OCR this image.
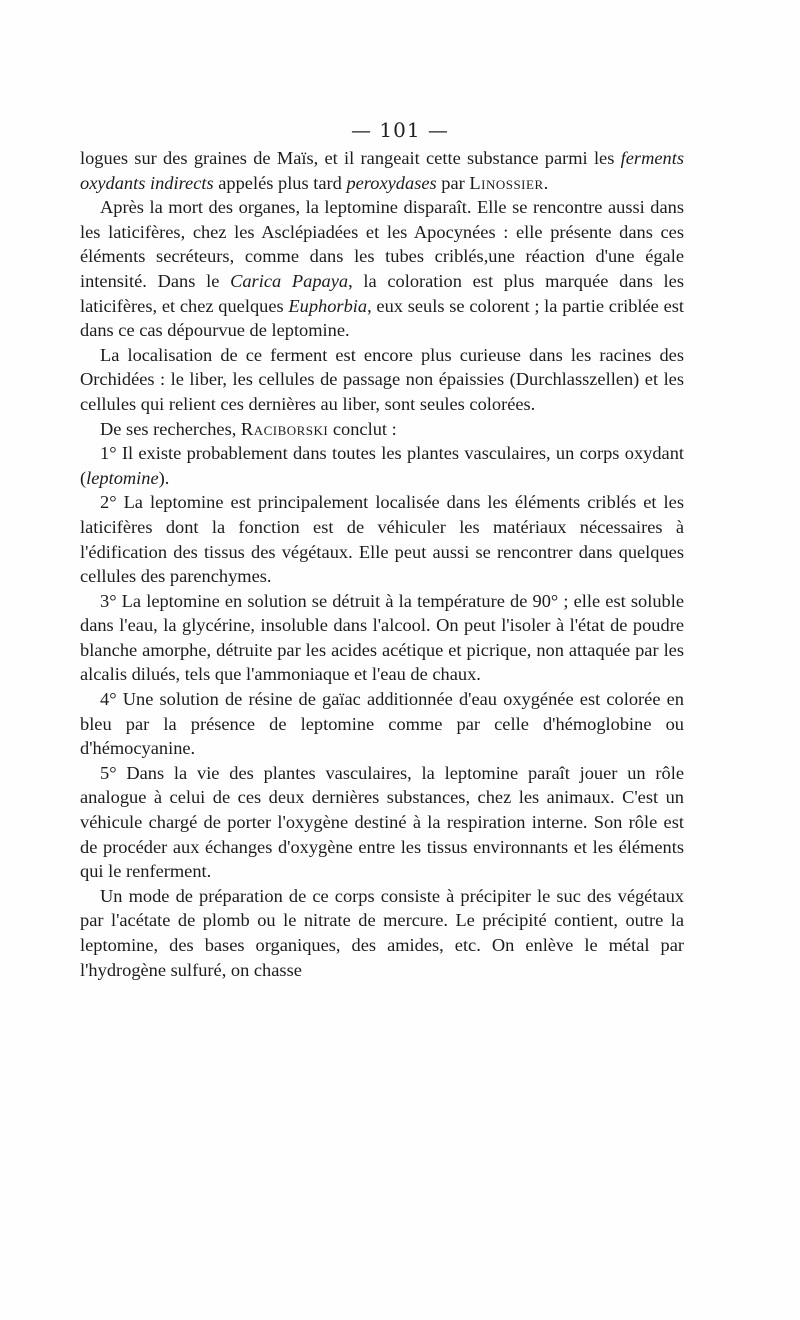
— 101 —

logues sur des graines de Maïs, et il rangeait cette substance parmi les ferments oxydants indirects appelés plus tard peroxydases par Linossier.

Après la mort des organes, la leptomine disparaît. Elle se rencontre aussi dans les laticifères, chez les Asclépiadées et les Apocynées : elle présente dans ces éléments secréteurs, comme dans les tubes criblés,une réaction d'une égale intensité. Dans le Carica Papaya, la coloration est plus marquée dans les laticifères, et chez quelques Euphorbia, eux seuls se colorent ; la partie criblée est dans ce cas dépourvue de leptomine.

La localisation de ce ferment est encore plus curieuse dans les racines des Orchidées : le liber, les cellules de passage non épaissies (Durchlasszellen) et les cellules qui relient ces dernières au liber, sont seules colorées.

De ses recherches, Raciborski conclut :

1° Il existe probablement dans toutes les plantes vasculaires, un corps oxydant (leptomine).

2° La leptomine est principalement localisée dans les éléments criblés et les laticifères dont la fonction est de véhiculer les matériaux nécessaires à l'édification des tissus des végétaux. Elle peut aussi se rencontrer dans quelques cellules des parenchymes.

3° La leptomine en solution se détruit à la température de 90° ; elle est soluble dans l'eau, la glycérine, insoluble dans l'alcool. On peut l'isoler à l'état de poudre blanche amorphe, détruite par les acides acétique et picrique, non attaquée par les alcalis dilués, tels que l'ammoniaque et l'eau de chaux.

4° Une solution de résine de gaïac additionnée d'eau oxygénée est colorée en bleu par la présence de leptomine comme par celle d'hémoglobine ou d'hémocyanine.

5° Dans la vie des plantes vasculaires, la leptomine paraît jouer un rôle analogue à celui de ces deux dernières substances, chez les animaux. C'est un véhicule chargé de porter l'oxygène destiné à la respiration interne. Son rôle est de procéder aux échanges d'oxygène entre les tissus environnants et les éléments qui le renferment.

Un mode de préparation de ce corps consiste à précipiter le suc des végétaux par l'acétate de plomb ou le nitrate de mercure. Le précipité contient, outre la leptomine, des bases organiques, des amides, etc. On enlève le métal par l'hydrogène sulfuré, on chasse
